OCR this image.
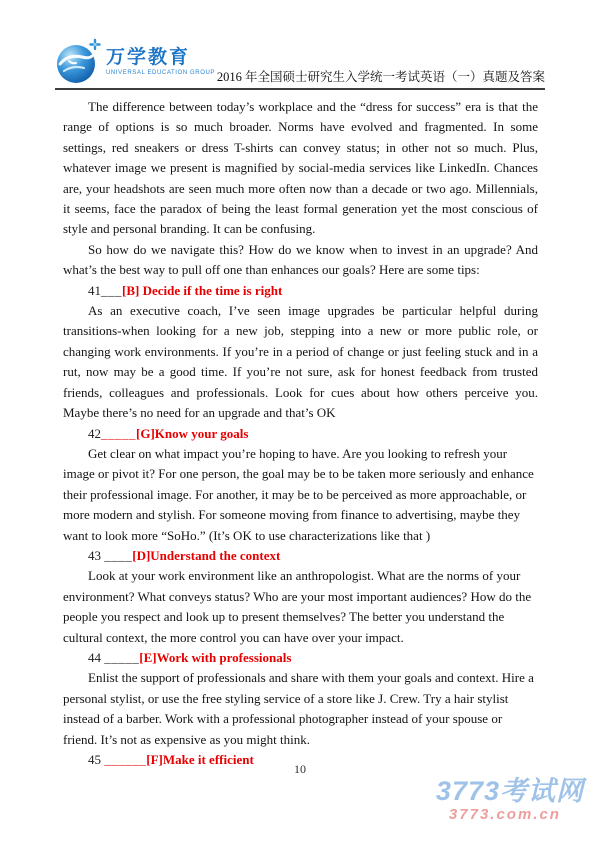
万学教育
UNIVERSAL EDUCATION GROUP 2016 年全国硕士研究生入学统一考试英语（一）真题及答案

The difference between today’s workplace and the “dress for success” era is that the range of options is so much broader. Norms have evolved and fragmented. In some settings, red sneakers or dress T-shirts can convey status; in other not so much. Plus, whatever image we present is magnified by social-media services like LinkedIn. Chances are, your headshots are seen much more often now than a decade or two ago. Millennials, it seems, face the paradox of being the least formal generation yet the most conscious of style and personal branding. It can be confusing.

So how do we navigate this? How do we know when to invest in an upgrade? And what’s the best way to pull off one than enhances our goals? Here are some tips:

41___[B] Decide if the time is right

As an executive coach, I’ve seen image upgrades be particular helpful during transitions-when looking for a new job, stepping into a new or more public role, or changing work environments. If you’re in a period of change or just feeling stuck and in a rut, now may be a good time. If you’re not sure, ask for honest feedback from trusted friends, colleagues and professionals. Look for cues about how others perceive you. Maybe there’s no need for an upgrade and that’s OK

42_____[G]Know your goals

Get clear on what impact you’re hoping to have. Are you looking to refresh your image or pivot it? For one person, the goal may be to be taken more seriously and enhance their professional image. For another, it may be to be perceived as more approachable, or more modern and stylish. For someone moving from finance to advertising, maybe they want to look more “SoHo.” (It’s OK to use characterizations like that )

43 ____[D]Understand the context

Look at your work environment like an anthropologist. What are the norms of your environment? What conveys status? Who are your most important audiences? How do the people you respect and look up to present themselves? The better you understand the cultural context, the more control you can have over your impact.

44 _____[E]Work with professionals

Enlist the support of professionals and share with them your goals and context. Hire a personal stylist, or use the free styling service of a store like J. Crew. Try a hair stylist instead of a barber. Work with a professional photographer instead of your spouse or friend. It’s not as expensive as you might think.

45 ______[F]Make it efficient

10
3773考试网
3773.com.cn
